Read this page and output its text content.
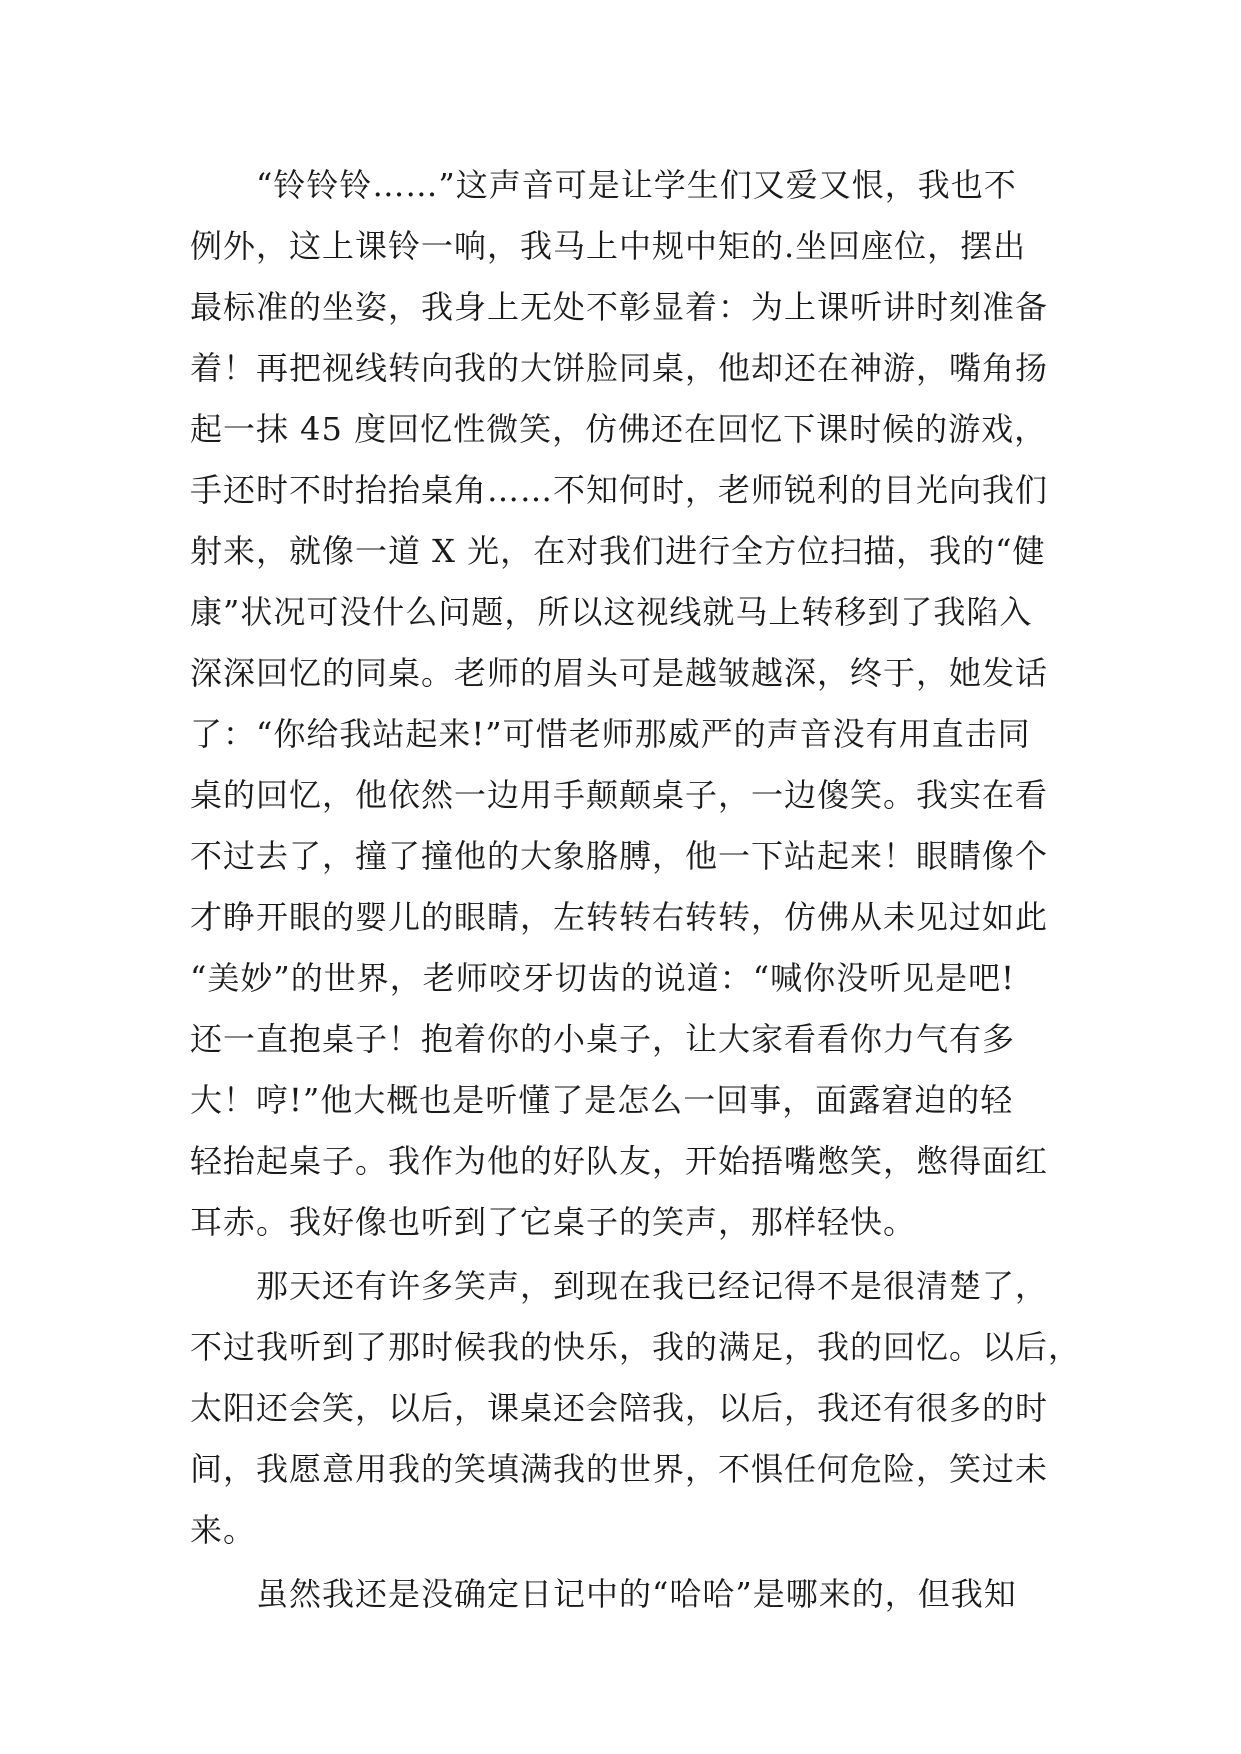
“铃铃铃……”这声音可是让学生们又爱又恨，我也不
例外，这上课铃一响，我马上中规中矩的.坐回座位，摆出
最标准的坐姿，我身上无处不彰显着：为上课听讲时刻准备
着！再把视线转向我的大饼脸同桌，他却还在神游，嘴角扬
起一抹 45 度回忆性微笑，仿佛还在回忆下课时候的游戏，
手还时不时抬抬桌角……不知何时，老师锐利的目光向我们
射来，就像一道 X 光，在对我们进行全方位扫描，我的“健
康”状况可没什么问题，所以这视线就马上转移到了我陷入
深深回忆的同桌。老师的眉头可是越皱越深，终于，她发话
了：“你给我站起来!”可惜老师那威严的声音没有用直击同
桌的回忆，他依然一边用手颠颠桌子，一边傻笑。我实在看
不过去了，撞了撞他的大象胳膊，他一下站起来！眼睛像个
才睁开眼的婴儿的眼睛，左转转右转转，仿佛从未见过如此
“美妙”的世界，老师咬牙切齿的说道：“喊你没听见是吧!
还一直抱桌子！抱着你的小桌子，让大家看看你力气有多
大！哼!”他大概也是听懂了是怎么一回事，面露窘迫的轻
轻抬起桌子。我作为他的好队友，开始捂嘴憋笑，憋得面红
耳赤。我好像也听到了它桌子的笑声，那样轻快。
那天还有许多笑声，到现在我已经记得不是很清楚了，
不过我听到了那时候我的快乐，我的满足，我的回忆。以后，
太阳还会笑，以后，课桌还会陪我，以后，我还有很多的时
间，我愿意用我的笑填满我的世界，不惧任何危险，笑过未
来。
虽然我还是没确定日记中的“哈哈”是哪来的，但我知
